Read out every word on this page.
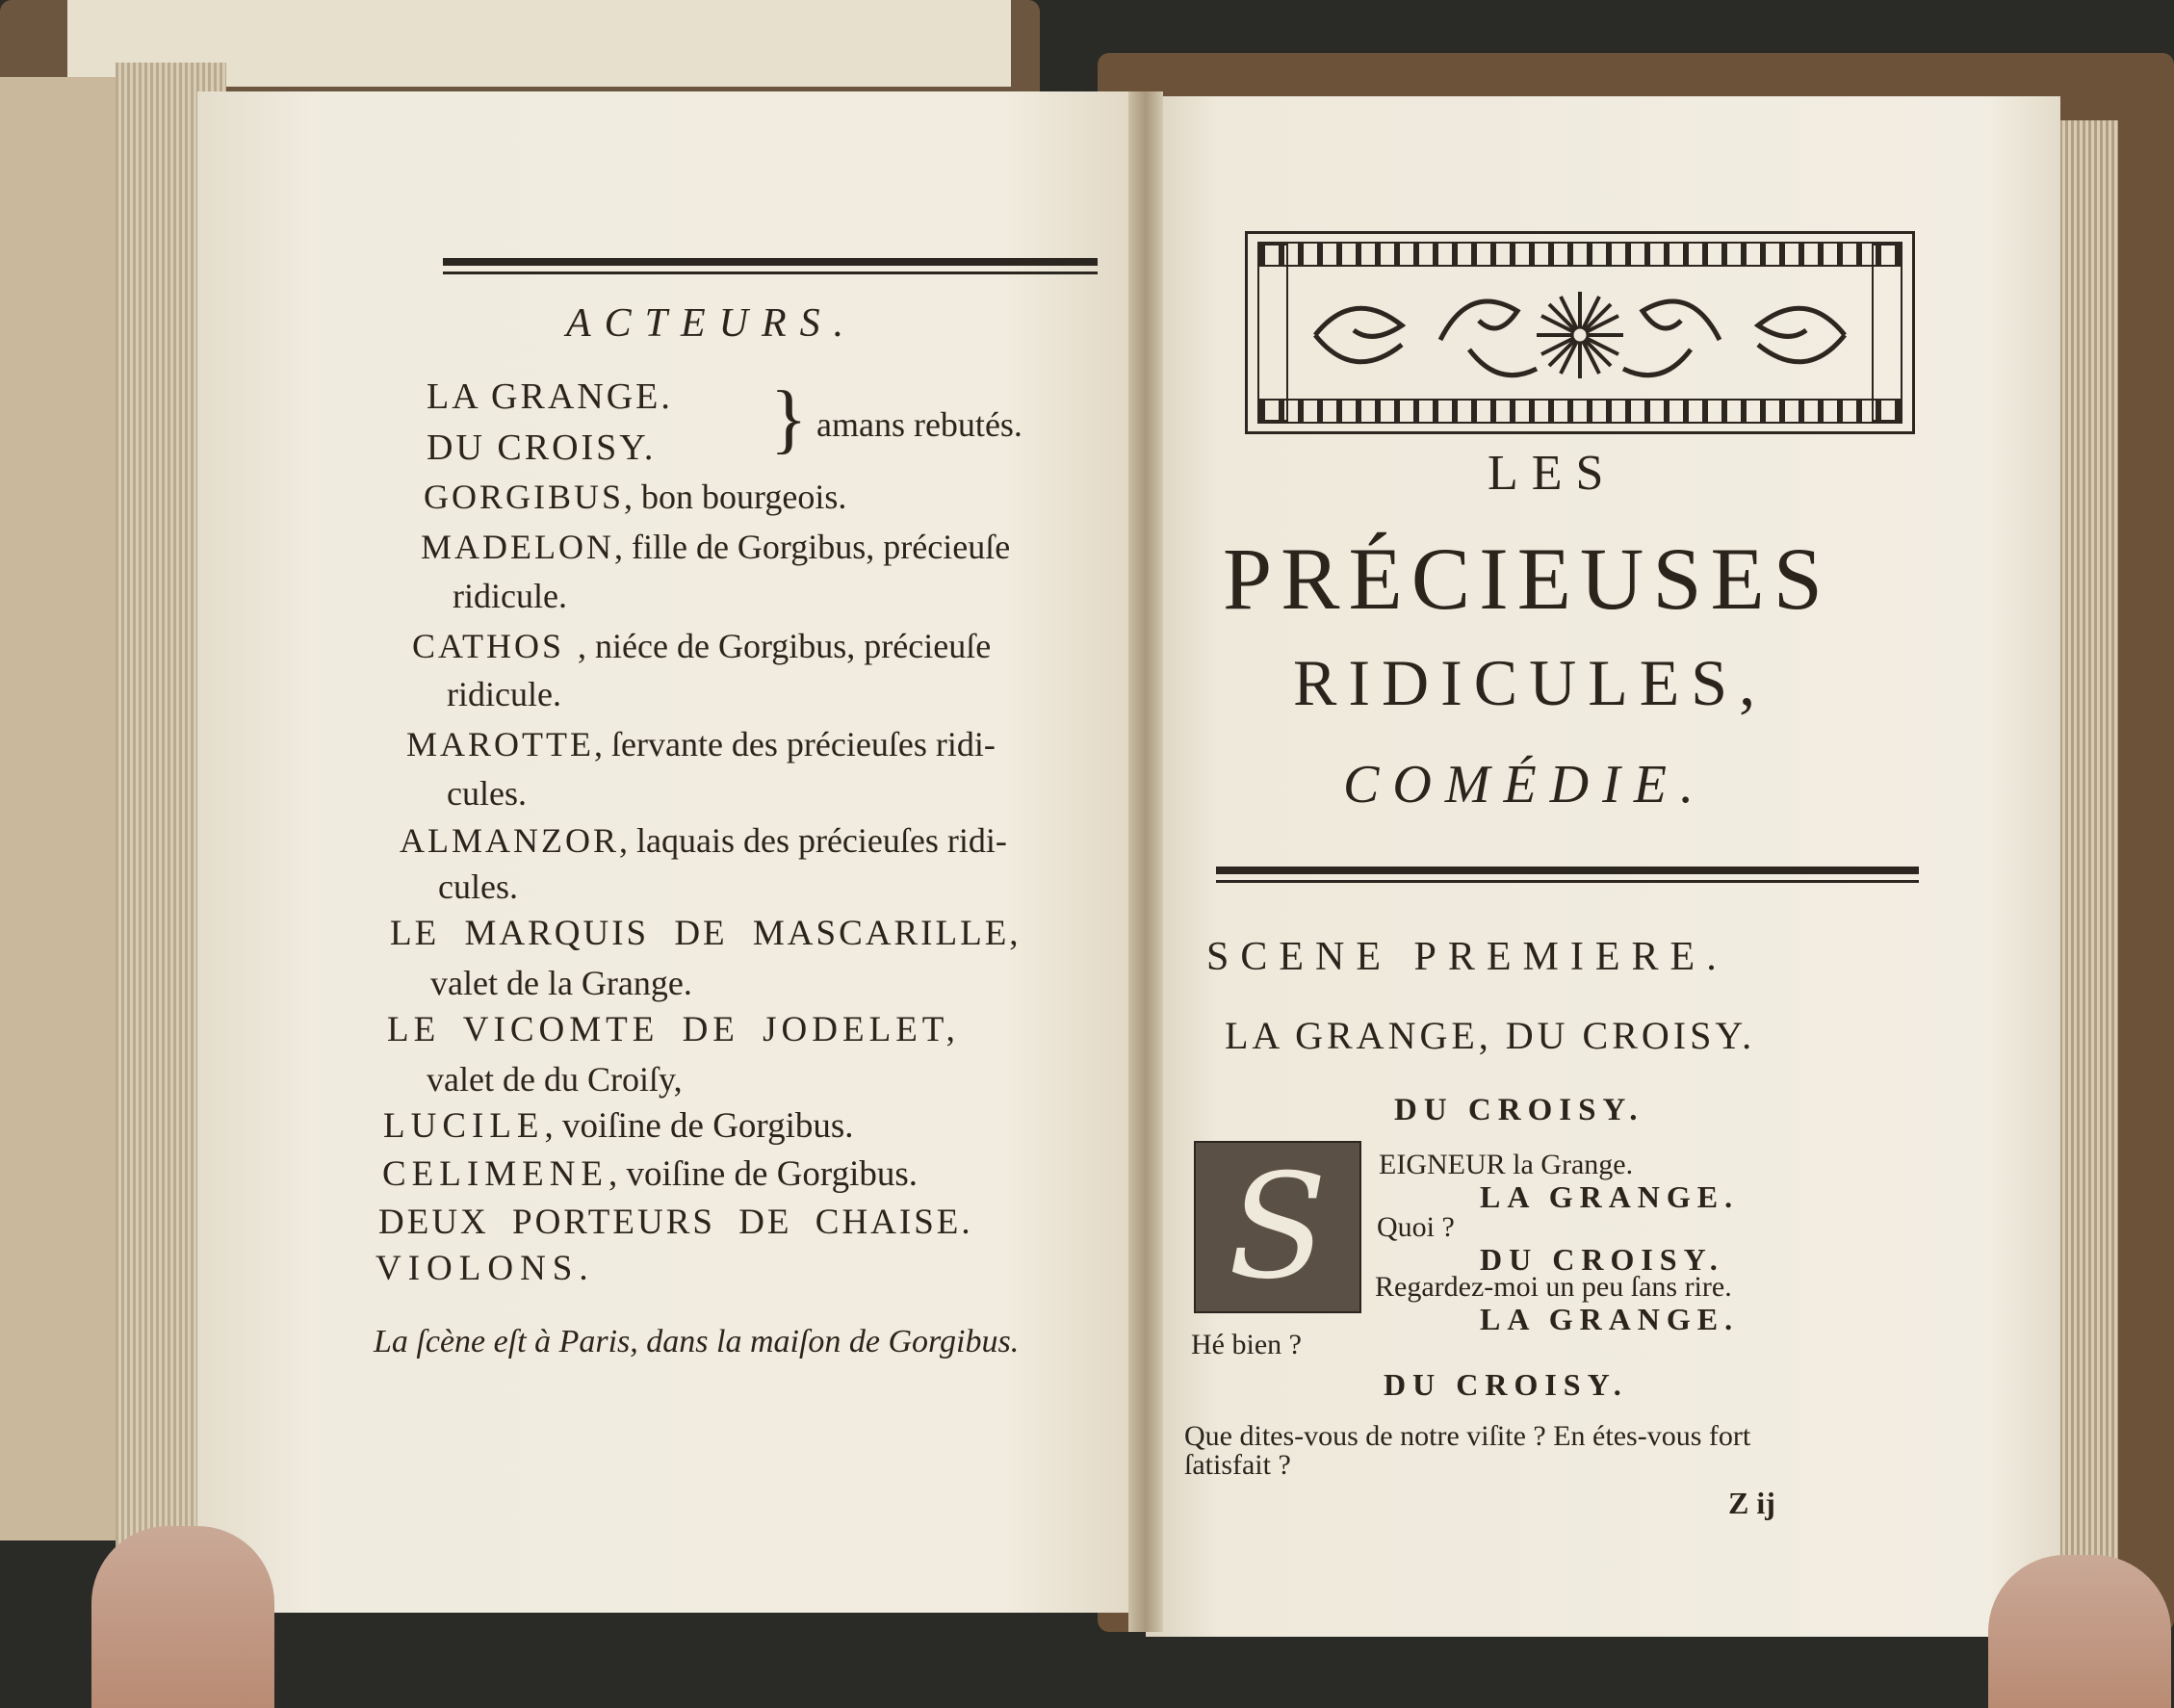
ACTEURS.
LA GRANGE.
DU CROISY. } amans rebutés.
GORGIBUS, bon bourgeois.
MADELON, fille de Gorgibus, précieuſe
ridicule.
CATHOS , niéce de Gorgibus, précieuſe
ridicule.
MAROTTE, ſervante des précieuſes ridi-
cules.
ALMANZOR, laquais des précieuſes ridi-
cules.
LE MARQUIS DE MASCARILLE,
valet de la Grange.
LE VICOMTE DE JODELET,
valet de du Croiſy,
LUCILE, voiſine de Gorgibus.
CELIMENE, voiſine de Gorgibus.
DEUX PORTEURS DE CHAISE.
VIOLONS.
La ſcène eſt à Paris, dans la maiſon de Gorgibus.
LES
PRÉCIEUSES
RIDICULES,
COMÉDIE.
SCENE PREMIERE.
LA GRANGE, DU CROISY.
DU CROISY.
S	EIGNEUR la Grange.
LA GRANGE.
Quoi ?
DU CROISY.
Regardez-moi un peu ſans rire.
LA GRANGE.
Hé bien ?
DU CROISY.
Que dites-vous de notre viſite ? En étes-vous fort
ſatisfait ?
Z ij
